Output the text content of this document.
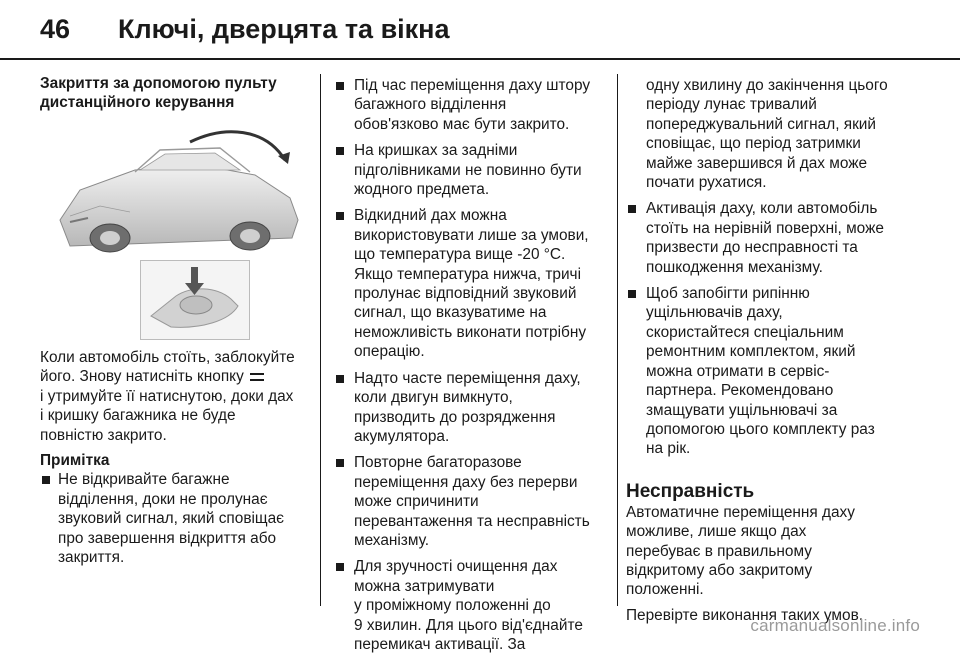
46	Ключі, дверцята та вікна
Закриття за допомогою пульту
дистанційного керування
Коли автомобіль стоїть, заблокуйте
його. Знову натисніть кнопку
і утримуйте її натиснутою, доки дах
і кришку багажника не буде
повністю закрито.
Примітка
Не відкривайте багажне
відділення, доки не пролунає
звуковий сигнал, який сповіщає
про завершення відкриття або
закриття.
Під час переміщення даху штору
багажного відділення
обов'язково має бути закрито.
На кришках за задніми
підголівниками не повинно бути
жодного предмета.
Відкидний дах можна
використовувати лише за умови,
що температура вище -20 °C.
Якщо температура нижча, тричі
пролунає відповідний звуковий
сигнал, що вказуватиме на
неможливість виконати потрібну
операцію.
Надто часте переміщення даху,
коли двигун вимкнуто,
призводить до розрядження
акумулятора.
Повторне багаторазове
переміщення даху без перерви
може спричинити
перевантаження та несправність
механізму.
Для зручності очищення дах
можна затримувати
у проміжному положенні до
9 хвилин. Для цього від'єднайте
перемикач активації. За
одну хвилину до закінчення цього
періоду лунає тривалий
попереджувальний сигнал, який
сповіщає, що період затримки
майже завершився й дах може
почати рухатися.
Активація даху, коли автомобіль
стоїть на нерівній поверхні, може
призвести до несправності та
пошкодження механізму.
Щоб запобігти рипінню
ущільнювачів даху,
скористайтеся спеціальним
ремонтним комплектом, який
можна отримати в сервіс-
партнера. Рекомендовано
змащувати ущільнювачі за
допомогою цього комплекту раз
на рік.
Несправність
Автоматичне переміщення даху
можливе, лише якщо дах
перебуває в правильному
відкритому або закритому
положенні.
Перевірте виконання таких умов.
carmanualsonline.info
